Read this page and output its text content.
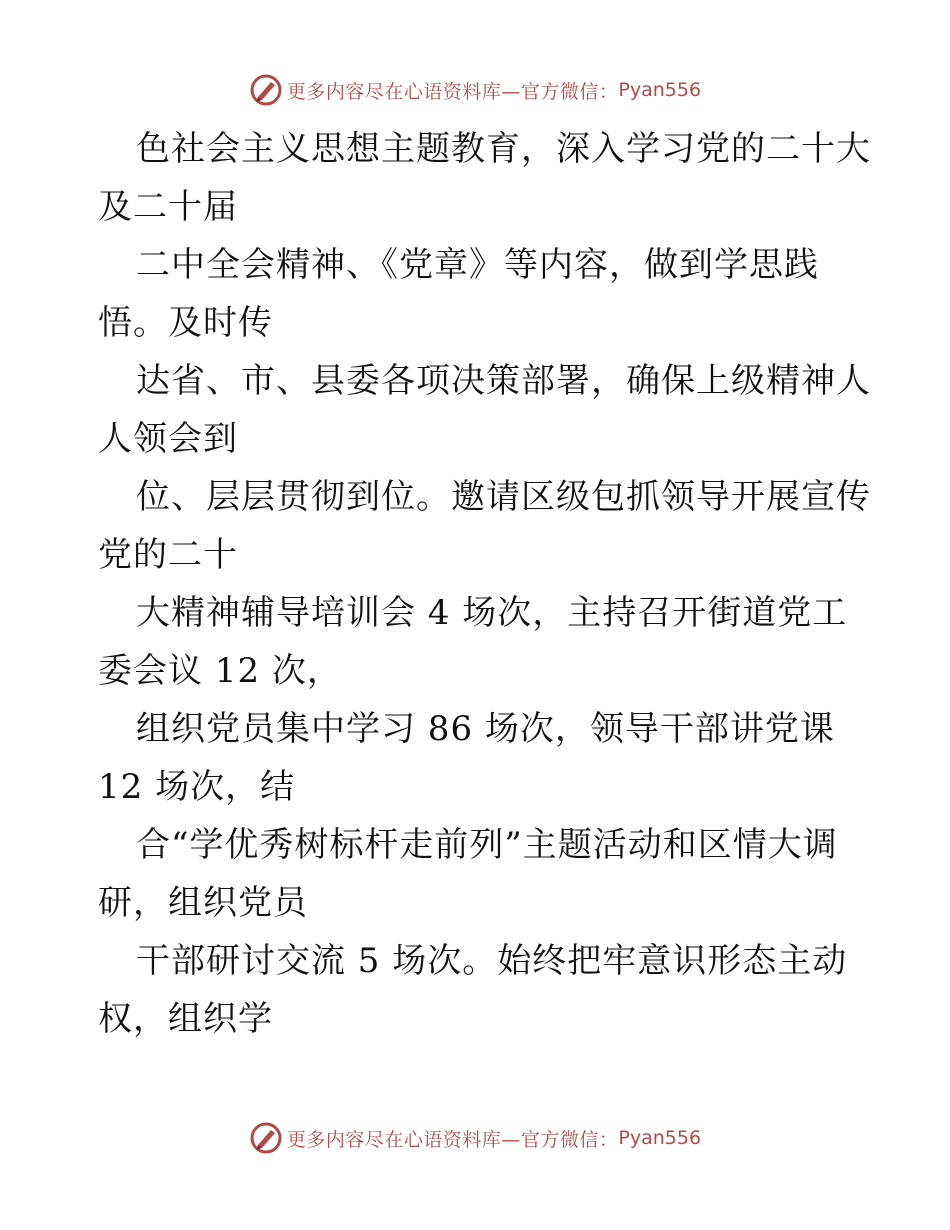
更多内容尽在心语资料库—官方微信： Pyan556
色社会主义思想主题教育，深入学习党的二十大
及二十届
二中全会精神、《党章》等内容，做到学思践
悟。及时传
达省、市、县委各项决策部署，确保上级精神人
人领会到
位、层层贯彻到位。邀请区级包抓领导开展宣传
党的二十
大精神辅导培训会 4 场次，主持召开街道党工
委会议 12 次，
组织党员集中学习 86 场次，领导干部讲党课
12 场次，结
合“学优秀树标杆走前列”主题活动和区情大调
研，组织党员
干部研讨交流 5 场次。始终把牢意识形态主动
权，组织学
更多内容尽在心语资料库—官方微信： Pyan556
